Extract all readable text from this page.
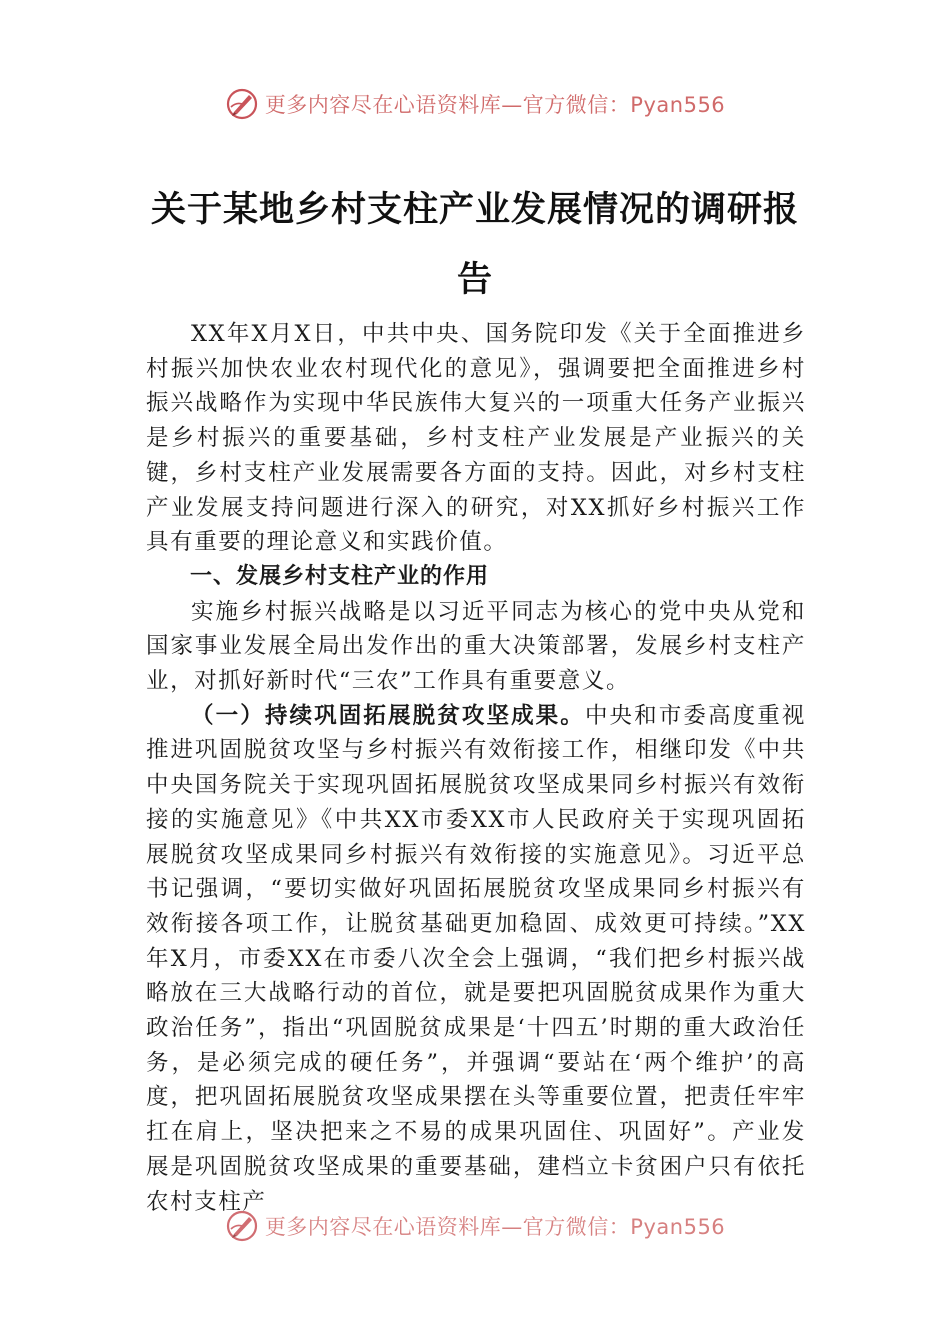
更多内容尽在心语资料库—官方微信：Pyan556
关于某地乡村支柱产业发展情况的调研报
告

XX年X月X日，中共中央、国务院印发《关于全面推进乡村振兴加快农业农村现代化的意见》，强调要把全面推进乡村振兴战略作为实现中华民族伟大复兴的一项重大任务产业振兴是乡村振兴的重要基础，乡村支柱产业发展是产业振兴的关键，乡村支柱产业发展需要各方面的支持。因此，对乡村支柱产业发展支持问题进行深入的研究，对XX抓好乡村振兴工作具有重要的理论意义和实践价值。

一、发展乡村支柱产业的作用

实施乡村振兴战略是以习近平同志为核心的党中央从党和国家事业发展全局出发作出的重大决策部署，发展乡村支柱产业，对抓好新时代“三农”工作具有重要意义。

（一）持续巩固拓展脱贫攻坚成果。中央和市委高度重视推进巩固脱贫攻坚与乡村振兴有效衔接工作，相继印发《中共中央国务院关于实现巩固拓展脱贫攻坚成果同乡村振兴有效衔接的实施意见》《中共XX市委XX市人民政府关于实现巩固拓展脱贫攻坚成果同乡村振兴有效衔接的实施意见》。习近平总书记强调，“要切实做好巩固拓展脱贫攻坚成果同乡村振兴有效衔接各项工作，让脱贫基础更加稳固、成效更可持续。”XX年X月，市委XX在市委八次全会上强调，“我们把乡村振兴战略放在三大战略行动的首位，就是要把巩固脱贫成果作为重大政治任务”，指出“巩固脱贫成果是‘十四五’时期的重大政治任务，是必须完成的硬任务”，并强调“要站在‘两个维护’的高度，把巩固拓展脱贫攻坚成果摆在头等重要位置，把责任牢牢扛在肩上，坚决把来之不易的成果巩固住、巩固好”。产业发展是巩固脱贫攻坚成果的重要基础，建档立卡贫困户只有依托农村支柱产

更多内容尽在心语资料库—官方微信：Pyan556
